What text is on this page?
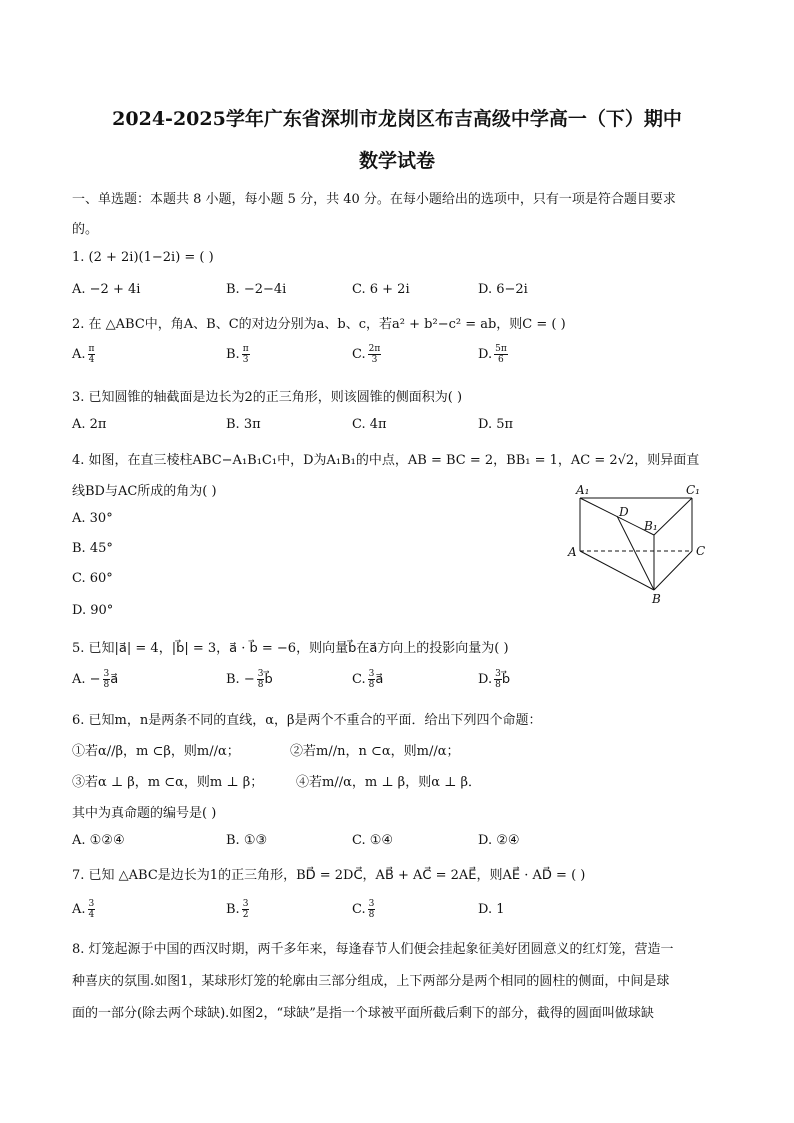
2024-2025学年广东省深圳市龙岗区布吉高级中学高一（下）期中
数学试卷
一、单选题：本题共 8 小题，每小题 5 分，共 40 分。在每小题给出的选项中，只有一项是符合题目要求
的。
1. (2 + 2i)(1−2i) = ( )
A. −2 + 4i	B. −2−4i	C. 6 + 2i	D. 6−2i
2. 在 △ABC中，角A、B、C的对边分别为a、b、c，若a² + b²−c² = ab，则C = ( )
A. $\frac{\pi}{4}$	B. $\frac{\pi}{3}$	C. $\frac{2\pi}{3}$	D. $\frac{5\pi}{6}$
3. 已知圆锥的轴截面是边长为2的正三角形，则该圆锥的侧面积为( )
A. 2π	B. 3π	C. 4π	D. 5π
4. 如图，在直三棱柱ABC−A₁B₁C₁中，D为A₁B₁的中点，AB = BC = 2，BB₁ = 1，AC = 2√2，则异面直
线BD与AC所成的角为( )
A. 30°
B. 45°
C. 60°
D. 90°
A₁	C₁
D
B₁
A	C
B
5. 已知|a⃗| = 4，|b⃗| = 3，a⃗ · b⃗ = −6，则向量b⃗在a⃗方向上的投影向量为( )
A. − $\frac{3}{8}$ a⃗	B. − $\frac{3}{8}$ b⃗	C. $\frac{3}{8}$ a⃗	D. $\frac{3}{8}$ b⃗
6. 已知m，n是两条不同的直线，α，β是两个不重合的平面．给出下列四个命题：
①若α//β，m ⊂β，则m//α；	②若m//n，n ⊂α，则m//α；
③若α ⊥ β，m ⊂α，则m ⊥ β；	④若m//α，m ⊥ β，则α ⊥ β．
其中为真命题的编号是( )
A. ①②④	B. ①③	C. ①④	D. ②④
7. 已知 △ABC是边长为1的正三角形，BD⃗ = 2DC⃗，AB⃗ + AC⃗ = 2AE⃗，则AE⃗ · AD⃗ = ( )
A. $\frac{3}{4}$	B. $\frac{3}{2}$	C. $\frac{3}{8}$	D. 1
8. 灯笼起源于中国的西汉时期，两千多年来，每逢春节人们便会挂起象征美好团圆意义的红灯笼，营造一
种喜庆的氛围.如图1，某球形灯笼的轮廓由三部分组成，上下两部分是两个相同的圆柱的侧面，中间是球
面的一部分(除去两个球缺).如图2，“球缺”是指一个球被平面所截后剩下的部分，截得的圆面叫做球缺
